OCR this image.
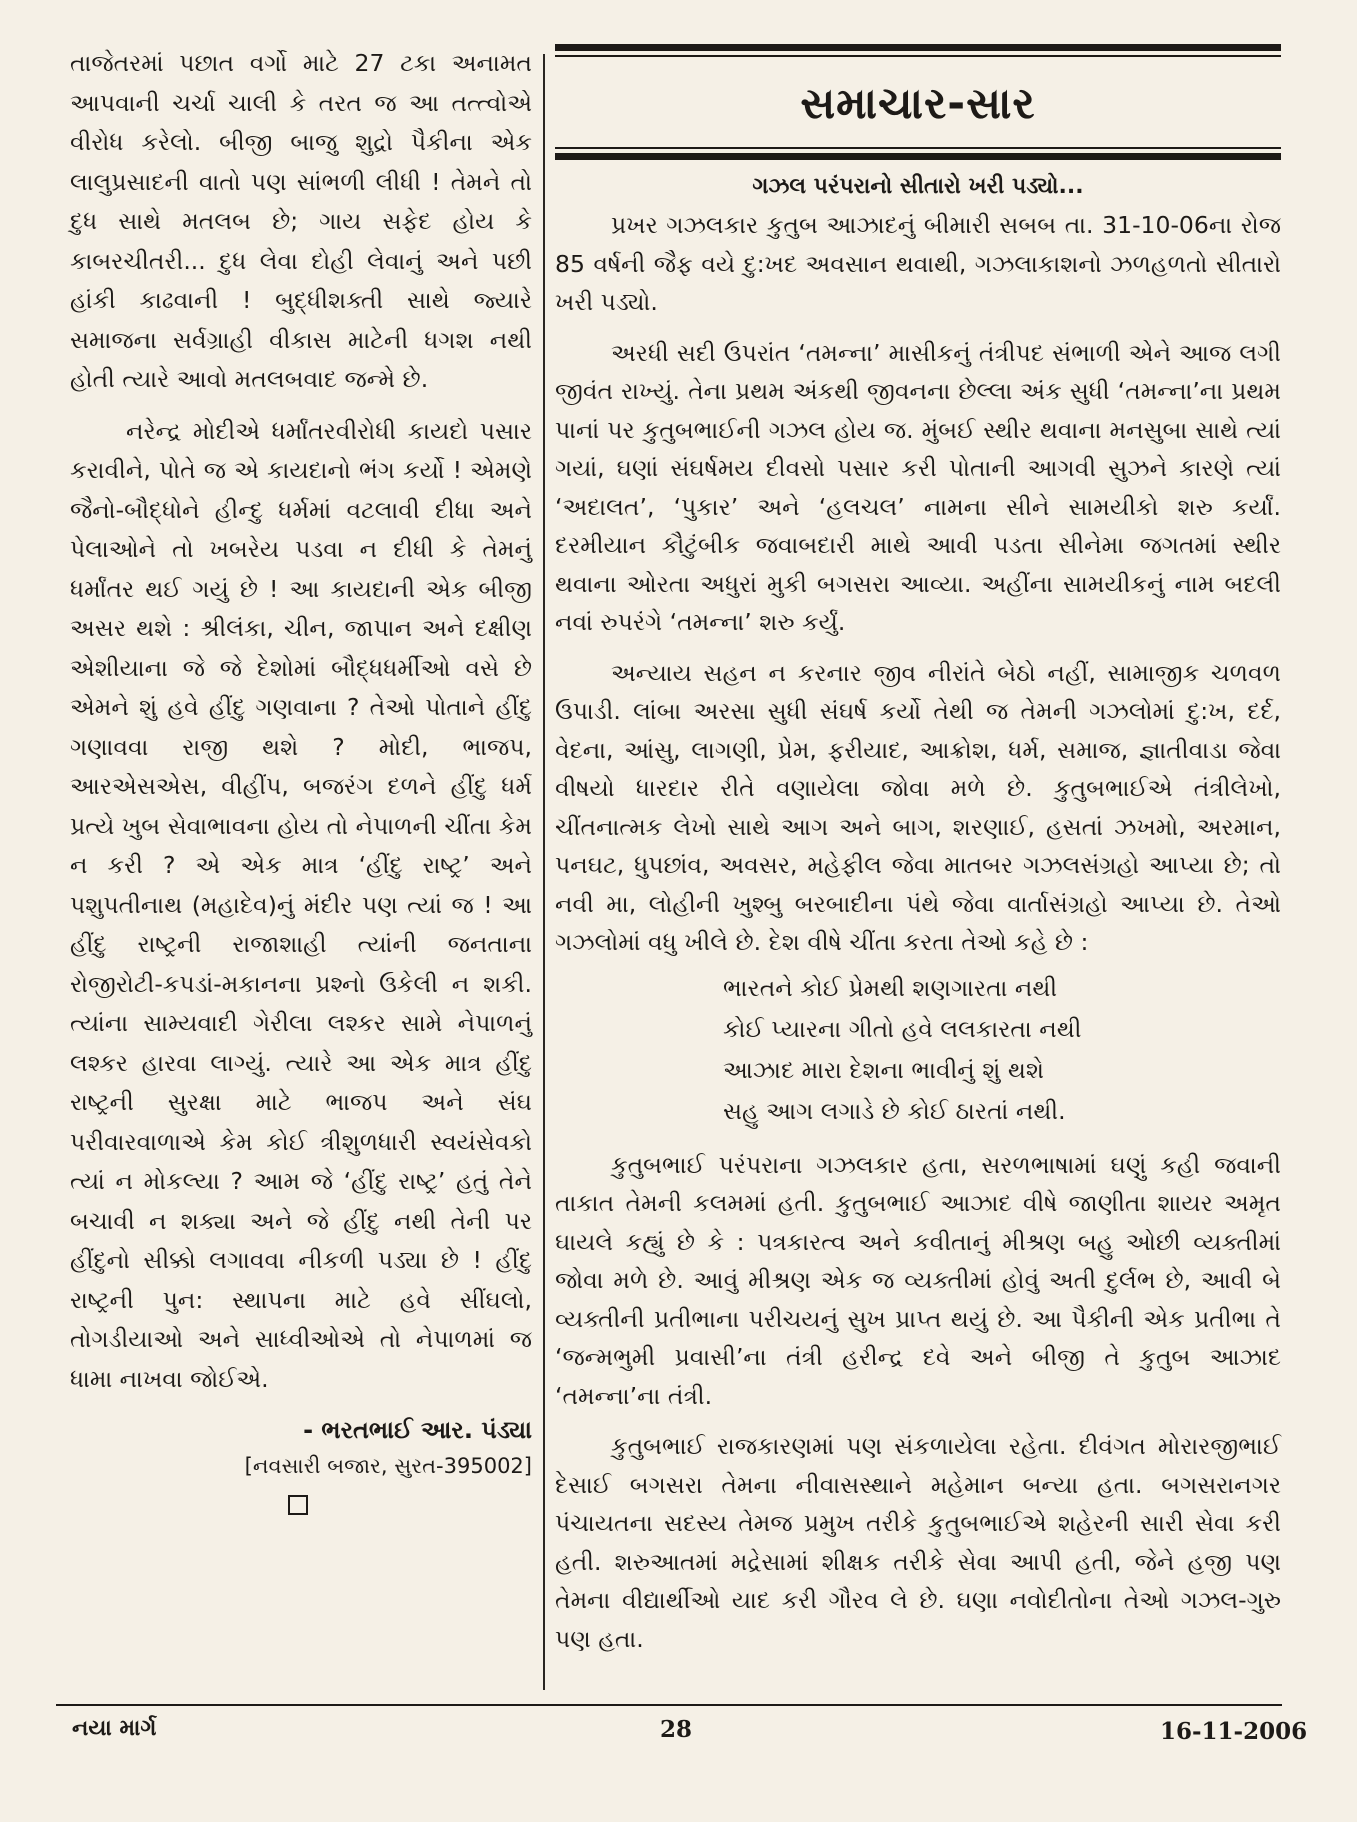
તાજેતરમાં પછાત વર્ગો માટે 27 ટકા અનામત આપવાની ચર્ચા ચાલી કે તરત જ આ તત્ત્વોએ વીરોધ કરેલો. બીજી બાજુ શુદ્રો પૈકીના એક લાલુપ્રસાદની વાતો પણ સાંભળી લીધી ! તેમને તો દુધ સાથે મતલબ છે; ગાય સફેદ હોય કે કાબરચીતરી... દુધ લેવા દોહી લેવાનું અને પછી હાંકી કાઢવાની ! બુદ્ધીશક્તી સાથે જ્યારે સમાજના સર્વગ્રાહી વીકાસ માટેની ધગશ નથી હોતી ત્યારે આવો મતલબવાદ જન્મે છે.

નરેન્દ્ર મોદીએ ધર્માંતરવીરોધી કાયદો પસાર કરાવીને, પોતે જ એ કાયદાનો ભંગ કર્યો ! એમણે જૈનો-બૌદ્ધોને હીન્દુ ધર્મમાં વટલાવી દીધા અને પેલાઓને તો ખબરેય પડવા ન દીધી કે તેમનું ધર્માંતર થઈ ગયું છે ! આ કાયદાની એક બીજી અસર થશે : શ્રીલંકા, ચીન, જાપાન અને દક્ષીણ એશીયાના જે જે દેશોમાં બૌદ્ધધર્મીઓ વસે છે એમને શું હવે હીંદુ ગણવાના ? તેઓ પોતાને હીંદુ ગણાવવા રાજી થશે ? મોદી, ભાજપ, આરએસએસ, વીહીંપ, બજરંગ દળને હીંદુ ધર્મ પ્રત્યે ખુબ સેવાભાવના હોય તો નેપાળની ચીંતા કેમ ન કરી ? એ એક માત્ર ‘હીંદુ રાષ્ટ્ર’ અને પશુપતીનાથ (મહાદેવ)નું મંદીર પણ ત્યાં જ ! આ હીંદુ રાષ્ટ્રની રાજાશાહી ત્યાંની જનતાના રોજીરોટી-કપડાં-મકાનના પ્રશ્નો ઉકેલી ન શકી. ત્યાંના સામ્યવાદી ગેરીલા લશ્કર સામે નેપાળનું લશ્કર હારવા લાગ્યું. ત્યારે આ એક માત્ર હીંદુ રાષ્ટ્રની સુરક્ષા માટે ભાજપ અને સંઘ પરીવારવાળાએ કેમ કોઈ ત્રીશુળધારી સ્વયંસેવકો ત્યાં ન મોકલ્યા ? આમ જે ‘હીંદુ રાષ્ટ્ર’ હતું તેને બચાવી ન શક્યા અને જે હીંદુ નથી તેની પર હીંદુનો સીક્કો લગાવવા નીકળી પડ્યા છે ! હીંદુ રાષ્ટ્રની પુન: સ્થાપના માટે હવે સીંઘલો, તોગડીયાઓ અને સાધ્વીઓએ તો નેપાળમાં જ ધામા નાખવા જોઈએ.

- ભરતભાઈ આર. પંડ્યા
[નવસારી બજાર, સુરત-395002]
સમાચાર-સાર
ગઝલ પરંપરાનો સીતારો ખરી પડ્યો...

પ્રખર ગઝલકાર કુતુબ આઝાદનું બીમારી સબબ તા. 31-10-06ના રોજ 85 વર્ષની જૈફ વયે દુ:ખદ અવસાન થવાથી, ગઝલાકાશનો ઝળહળતો સીતારો ખરી પડ્યો.

અરધી સદી ઉપરાંત ‘તમન્ના’ માસીકનું તંત્રીપદ સંભાળી એને આજ લગી જીવંત રાખ્યું. તેના પ્રથમ અંકથી જીવનના છેલ્લા અંક સુધી ‘તમન્ના’ના પ્રથમ પાનાં પર કુતુબભાઈની ગઝલ હોય જ. મુંબઈ સ્થીર થવાના મનસુબા સાથે ત્યાં ગયાં, ઘણાં સંઘર્ષમય દીવસો પસાર કરી પોતાની આગવી સુઝને કારણે ત્યાં ‘અદાલત’, ‘પુકાર’ અને ‘હલચલ’ નામના સીને સામયીકો શરુ કર્યાં. દરમીયાન કૌટુંબીક જવાબદારી માથે આવી પડતા સીનેમા જગતમાં સ્થીર થવાના ઓરતા અધુરાં મુકી બગસરા આવ્યા. અહીંના સામયીકનું નામ બદલી નવાં રુપરંગે ‘તમન્ના’ શરુ કર્યું.

અન્યાય સહન ન કરનાર જીવ નીરાંતે બેઠો નહીં, સામાજીક ચળવળ ઉપાડી. લાંબા અરસા સુધી સંઘર્ષ કર્યો તેથી જ તેમની ગઝલોમાં દુ:ખ, દર્દ, વેદના, આંસુ, લાગણી, પ્રેમ, ફરીયાદ, આક્રોશ, ધર્મ, સમાજ, જ્ઞાતીવાડા જેવા વીષયો ધારદાર રીતે વણાયેલા જોવા મળે છે. કુતુબભાઈએ તંત્રીલેખો, ચીંતનાત્મક લેખો સાથે આગ અને બાગ, શરણાઈ, હસતાં ઝખમો, અરમાન, પનઘટ, ધુપછાંવ, અવસર, મહેફીલ જેવા માતબર ગઝલસંગ્રહો આપ્યા છે; તો નવી મા, લોહીની ખુશ્બુ બરબાદીના પંથે જેવા વાર્તાસંગ્રહો આપ્યા છે. તેઓ ગઝલોમાં વધુ ખીલે છે. દેશ વીષે ચીંતા કરતા તેઓ કહે છે :

ભારતને કોઈ પ્રેમથી શણગારતા નથી
કોઈ પ્યારના ગીતો હવે લલકારતા નથી
આઝાદ મારા દેશના ભાવીનું શું થશે
સહુ આગ લગાડે છે કોઈ ઠારતાં નથી.

કુતુબભાઈ પરંપરાના ગઝલકાર હતા, સરળભાષામાં ઘણું કહી જવાની તાકાત તેમની કલમમાં હતી. કુતુબભાઈ આઝાદ વીષે જાણીતા શાયર અમૃત ઘાયલે કહ્યું છે કે : પત્રકારત્વ અને કવીતાનું મીશ્રણ બહુ ઓછી વ્યક્તીમાં જોવા મળે છે. આવું મીશ્રણ એક જ વ્યક્તીમાં હોવું અતી દુર્લભ છે, આવી બે વ્યક્તીની પ્રતીભાના પરીચયનું સુખ પ્રાપ્ત થયું છે. આ પૈકીની એક પ્રતીભા તે ‘જન્મભુમી પ્રવાસી’ના તંત્રી હરીન્દ્ર દવે અને બીજી તે કુતુબ આઝાદ ‘તમન્ના’ના તંત્રી.

કુતુબભાઈ રાજકારણમાં પણ સંકળાયેલા રહેતા. દીવંગત મોરારજીભાઈ દેસાઈ બગસરા તેમના નીવાસસ્થાને મહેમાન બન્યા હતા. બગસરાનગર પંચાયતના સદસ્ય તેમજ પ્રમુખ તરીકે કુતુબભાઈએ શહેરની સારી સેવા કરી હતી. શરુઆતમાં મદ્રેસામાં શીક્ષક તરીકે સેવા આપી હતી, જેને હજી પણ તેમના વીદ્યાર્થીઓ યાદ કરી ગૌરવ લે છે. ઘણા નવોદીતોના તેઓ ગઝલ-ગુરુ પણ હતા.

નયા માર્ગ	28	16-11-2006
